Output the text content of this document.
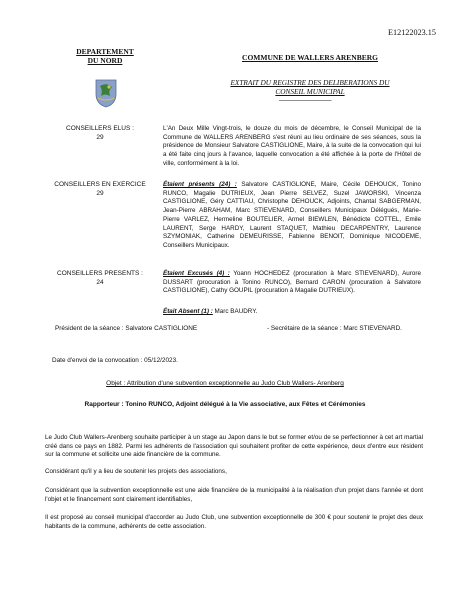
E12122023.15
DEPARTEMENT
DU NORD	COMMUNE DE WALLERS ARENBERG
EXTRAIT DU REGISTRE DES DELIBERATIONS DU
CONSEIL MUNICIPAL
-----------------------------------
CONSEILLERS ELUS :
29
L'An Deux Mille Vingt-trois, le douze du mois de décembre, le Conseil Municipal de la Commune de WALLERS ARENBERG s'est réuni au lieu ordinaire de ses séances, sous la présidence de Monsieur Salvatore CASTIGLIONE, Maire, à la suite de la convocation qui lui a été faite cinq jours à l'avance, laquelle convocation a été affichée à la porte de l'Hôtel de ville, conformément à la loi.
CONSEILLERS EN EXERCICE
29
Étaient présents (24) : Salvatore CASTIGLIONE, Maire, Cécile DEHOUCK, Tonino RUNCO, Magalie DUTRIEUX, Jean Pierre SELVEZ, Suzel JAWORSKI, Vincenza CASTIGLIONE, Géry CATTIAU, Christophe DEHOUCK, Adjoints, Chantal SABGERMAN, Jean-Pierre ABRAHAM, Marc STIEVENARD, Conseillers Municipaux Délégués, Marie-Pierre VARLEZ, Hermeline BOUTELIER, Armel BIEWLEN, Bénédicte COTTEL, Emile LAURENT, Serge HARDY, Laurent STAQUET, Mathieu DECARPENTRY, Laurence SZYMONIAK, Catherine DEMEURISSE, Fabienne BENOIT, Dominique NICODEME, Conseillers Municipaux.
CONSEILLERS PRESENTS :
24
Étaient Excusés (4) : Yoann HOCHEDEZ (procuration à Marc STIEVENARD), Aurore DUSSART (procuration à Tonino RUNCO), Bernard CARON (procuration à Salvatore CASTIGLIONE), Cathy GOUPIL (procuration à Magalie DUTRIEUX).
Était Absent (1) : Marc BAUDRY.
Président de la séance : Salvatore CASTIGLIONE	- Secrétaire de la séance : Marc STIEVENARD.
Date d'envoi de la convocation : 05/12/2023.
Objet : Attribution d'une subvention exceptionnelle au Judo Club Wallers- Arenberg
Rapporteur : Tonino RUNCO, Adjoint délégué à la Vie associative, aux Fêtes et Cérémonies
Le Judo Club Wallers-Arenberg souhaite participer à un stage au Japon dans le but se former et/ou de se perfectionner à cet art martial créé dans ce pays en 1882. Parmi les adhérents de l'association qui souhaitent profiter de cette expérience, deux d'entre eux résident sur la commune et sollicite une aide financière de la commune.
Considérant qu'il y a lieu de soutenir les projets des associations,
Considérant que la subvention exceptionnelle est une aide financière de la municipalité à la réalisation d'un projet dans l'année et dont l'objet et le financement sont clairement identifiables,
Il est proposé au conseil municipal d'accorder au Judo Club, une subvention exceptionnelle de 300 € pour soutenir le projet des deux habitants de la commune, adhérents de cette association.
